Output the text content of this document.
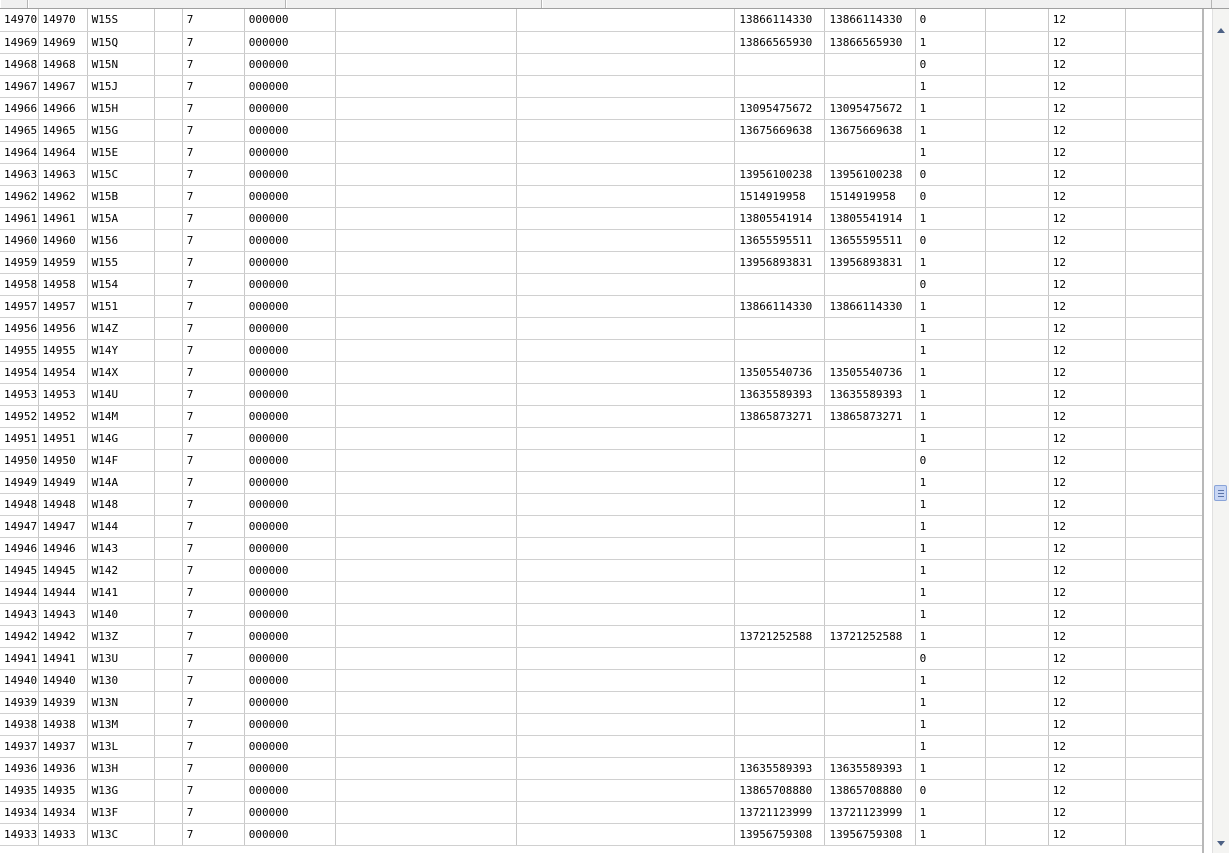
14970	14970	W15S		7	000000			13866114330	13866114330	0		12	
14969	14969	W15Q		7	000000			13866565930	13866565930	1		12	
14968	14968	W15N		7	000000					0		12	
14967	14967	W15J		7	000000					1		12	
14966	14966	W15H		7	000000			13095475672	13095475672	1		12	
14965	14965	W15G		7	000000			13675669638	13675669638	1		12	
14964	14964	W15E		7	000000					1		12	
14963	14963	W15C		7	000000			13956100238	13956100238	0		12	
14962	14962	W15B		7	000000			1514919958	1514919958	0		12	
14961	14961	W15A		7	000000			13805541914	13805541914	1		12	
14960	14960	W156		7	000000			13655595511	13655595511	0		12	
14959	14959	W155		7	000000			13956893831	13956893831	1		12	
14958	14958	W154		7	000000					0		12	
14957	14957	W151		7	000000			13866114330	13866114330	1		12	
14956	14956	W14Z		7	000000					1		12	
14955	14955	W14Y		7	000000					1		12	
14954	14954	W14X		7	000000			13505540736	13505540736	1		12	
14953	14953	W14U		7	000000			13635589393	13635589393	1		12	
14952	14952	W14M		7	000000			13865873271	13865873271	1		12	
14951	14951	W14G		7	000000					1		12	
14950	14950	W14F		7	000000					0		12	
14949	14949	W14A		7	000000					1		12	
14948	14948	W148		7	000000					1		12	
14947	14947	W144		7	000000					1		12	
14946	14946	W143		7	000000					1		12	
14945	14945	W142		7	000000					1		12	
14944	14944	W141		7	000000					1		12	
14943	14943	W140		7	000000					1		12	
14942	14942	W13Z		7	000000			13721252588	13721252588	1		12	
14941	14941	W13U		7	000000					0		12	
14940	14940	W130		7	000000					1		12	
14939	14939	W13N		7	000000					1		12	
14938	14938	W13M		7	000000					1		12	
14937	14937	W13L		7	000000					1		12	
14936	14936	W13H		7	000000			13635589393	13635589393	1		12	
14935	14935	W13G		7	000000			13865708880	13865708880	0		12	
14934	14934	W13F		7	000000			13721123999	13721123999	1		12	
14933	14933	W13C		7	000000			13956759308	13956759308	1		12	
